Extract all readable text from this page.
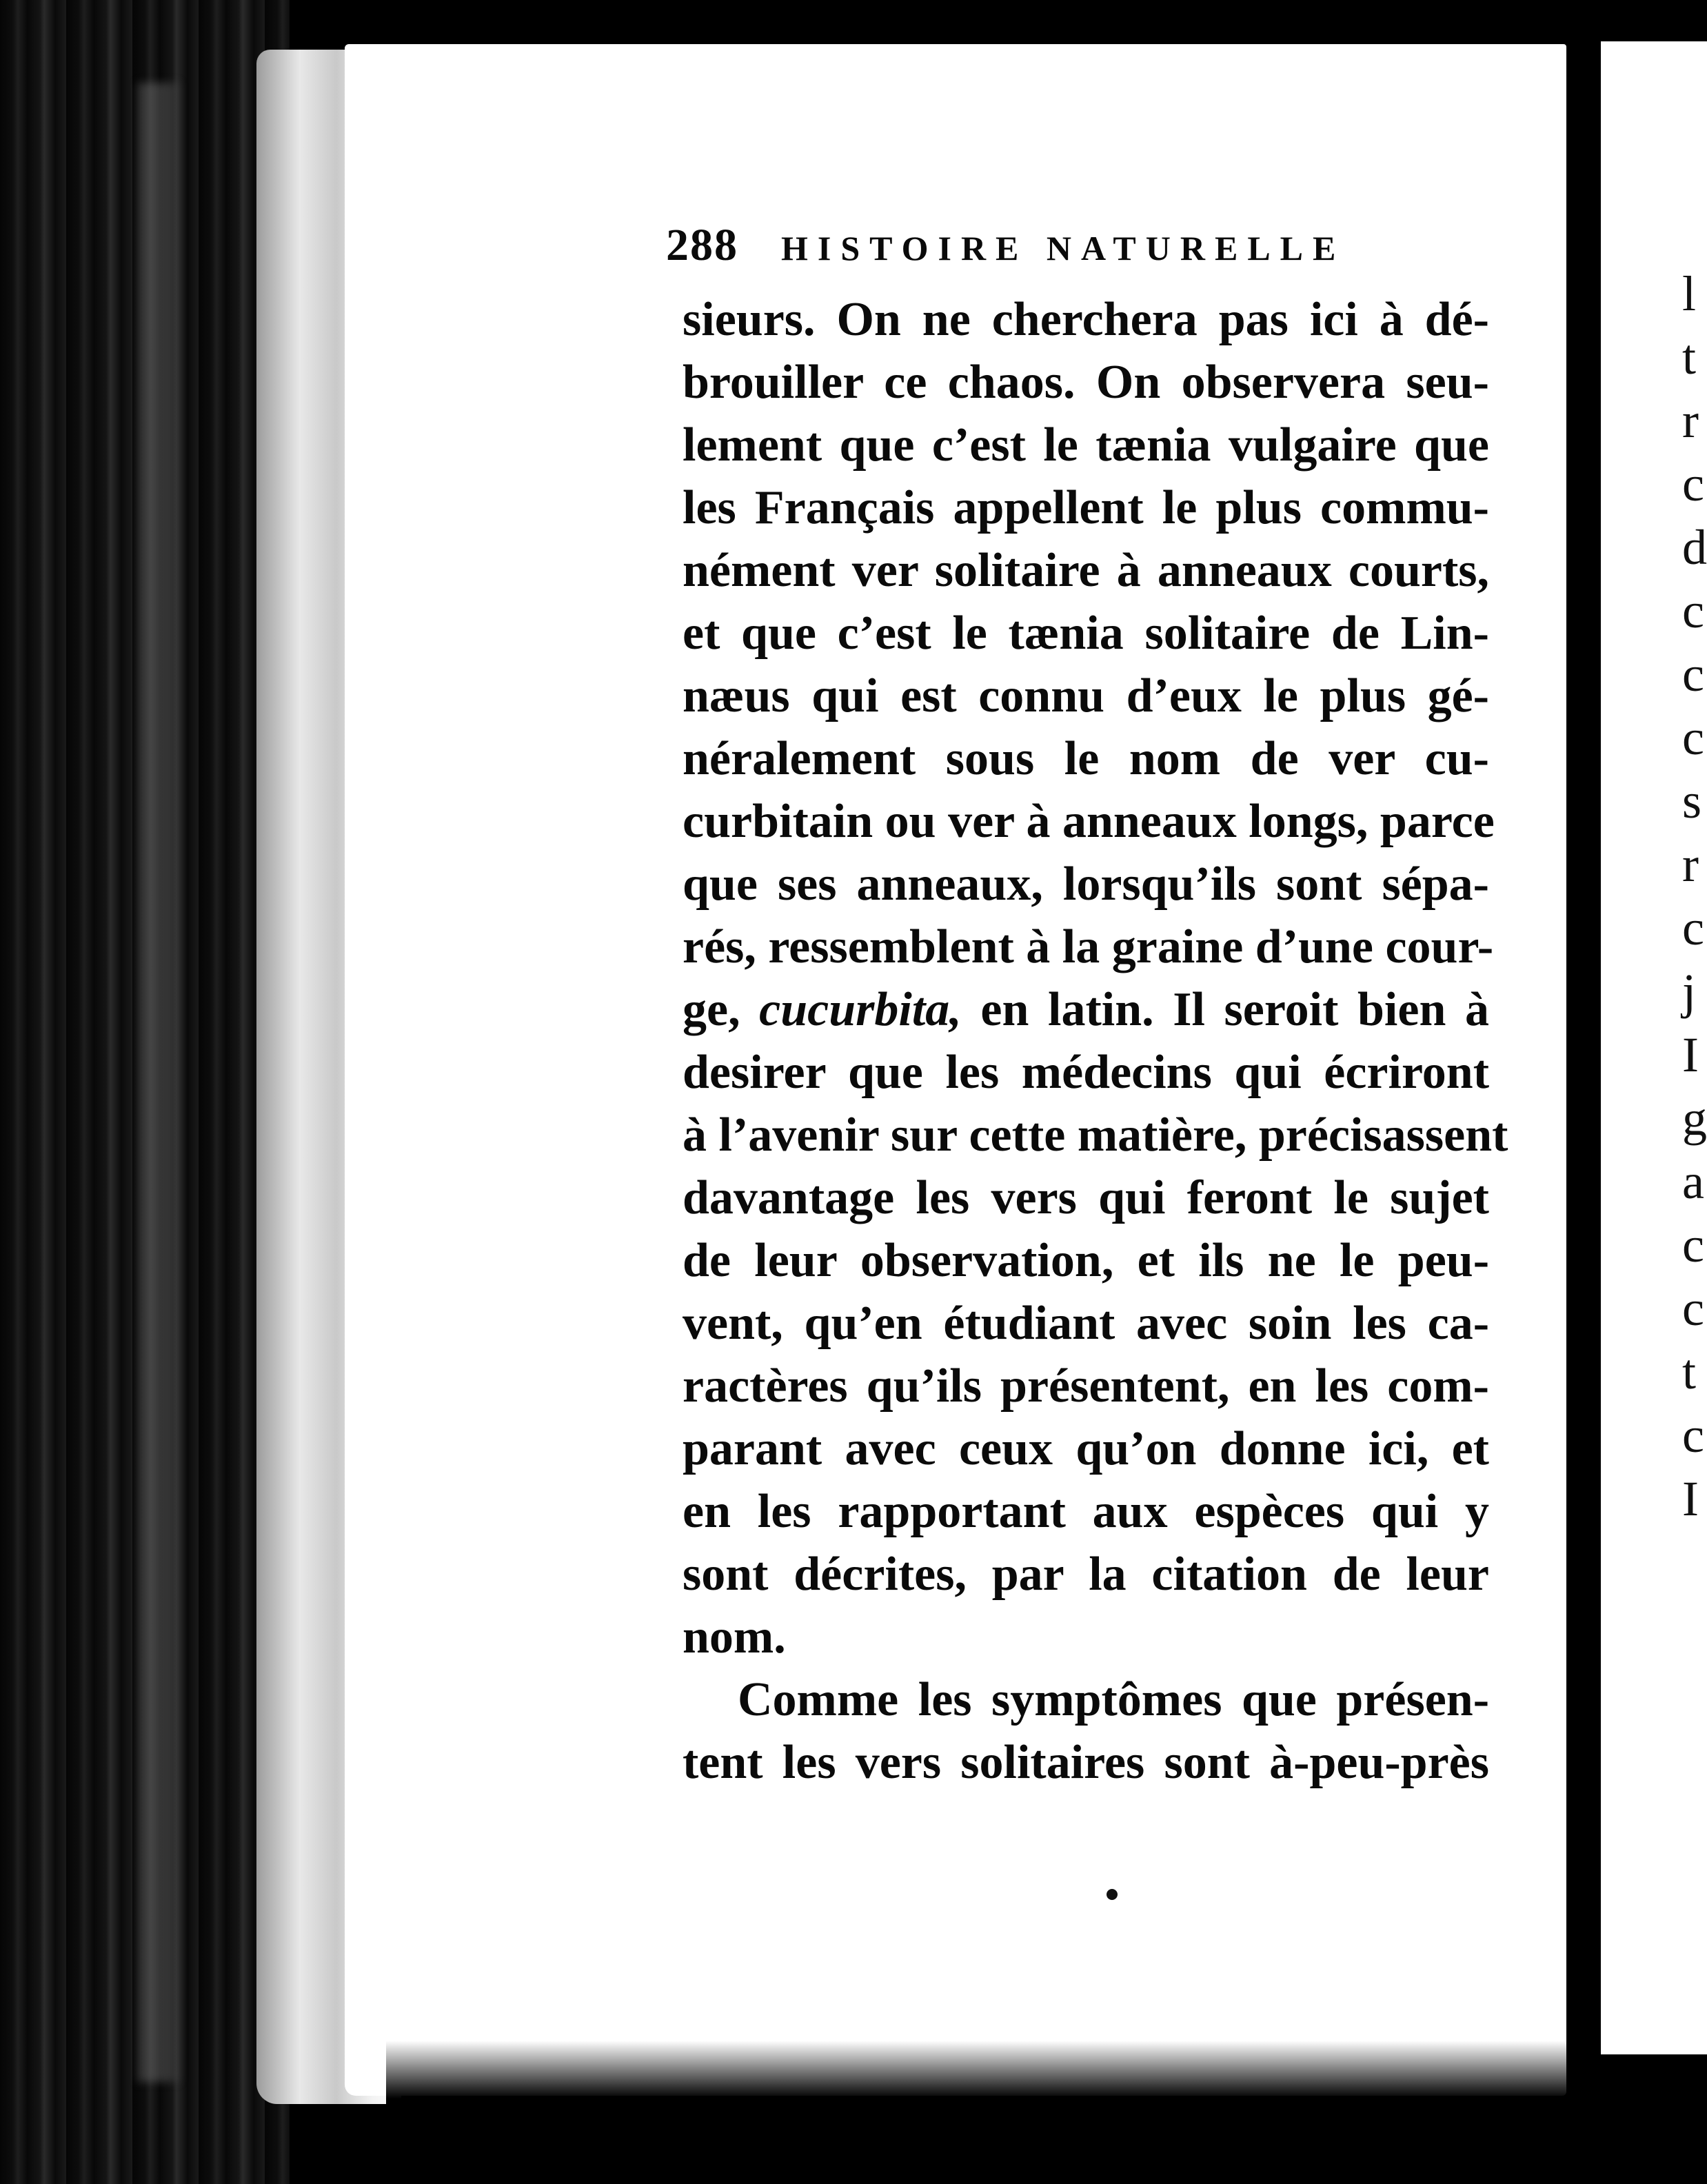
l
t
r
c
d
c
c
c
s
r
c
j
I
g
a
c
c
t
c
I
288 HISTOIRE NATURELLE
sieurs. On ne cherchera pas ici à dé-
brouiller ce chaos. On observera seu-
lement que c’est le tænia vulgaire que
les Français appellent le plus commu-
nément ver solitaire à anneaux courts,
et que c’est le tænia solitaire de Lin-
næus qui est connu d’eux le plus gé-
néralement sous le nom de ver cu-
curbitain ou ver à anneaux longs, parce
que ses anneaux, lorsqu’ils sont sépa-
rés, ressemblent à la graine d’une cour-
ge, cucurbita, en latin. Il seroit bien à
desirer que les médecins qui écriront
à l’avenir sur cette matière, précisassent
davantage les vers qui feront le sujet
de leur observation, et ils ne le peu-
vent, qu’en étudiant avec soin les ca-
ractères qu’ils présentent, en les com-
parant avec ceux qu’on donne ici, et
en les rapportant aux espèces qui y
sont décrites, par la citation de leur
nom.
Comme les symptômes que présen-
tent les vers solitaires sont à-peu-près
